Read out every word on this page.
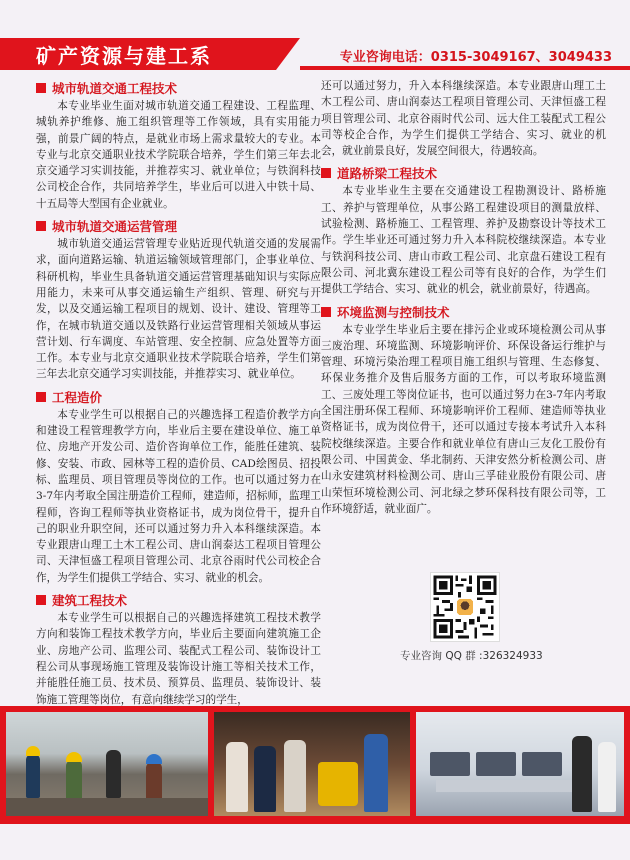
矿产资源与建工系	专业咨询电话：0315-3049167、3049433
城市轨道交通工程技术

本专业毕业生面对城市轨道交通工程建设、工程监理、城轨养护维修、施工组织管理等工作领域，具有实用能力强，前景广阔的特点，是就业市场上需求量较大的专业。本专业与北京交通职业技术学院联合培养，学生们第三年去北京交通学习实训技能，并推荐实习、就业单位；与铁润科技公司校企合作，共同培养学生，毕业后可以进入中铁十局、十五局等大型国有企业就业。

城市轨道交通运营管理

城市轨道交通运营管理专业贴近现代轨道交通的发展需求，面向道路运输、轨道运输领域管理部门，企事业单位、科研机构，毕业生具备轨道交通运营管理基础知识与实际应用能力，未来可从事交通运输生产组织、管理、研究与开发，以及交通运输工程项目的规划、设计、建设、管理等工作，在城市轨道交通以及铁路行业运营管理相关领域从事运营计划、行车调度、车站管理、安全控制、应急处置等方面工作。本专业与北京交通职业技术学院联合培养，学生们第三年去北京交通学习实训技能，并推荐实习、就业单位。

工程造价

本专业学生可以根据自己的兴趣选择工程造价教学方向和建设工程管理教学方向，毕业后主要在建设单位、施工单位、房地产开发公司、造价咨询单位工作，能胜任建筑、装修、安装、市政、园林等工程的造价员、CAD绘图员、招投标、监理员、项目管理员等岗位的工作。也可以通过努力在3-7年内考取全国注册造价工程师，建造师，招标师，监理工程师，咨询工程师等执业资格证书，成为岗位骨干，提升自己的职业升职空间，还可以通过努力升入本科继续深造。本专业跟唐山理工土木工程公司、唐山润泰达工程项目管理公司、天津恒盛工程项目管理公司、北京谷雨时代公司校企合作，为学生们提供工学结合、实习、就业的机会。

建筑工程技术

本专业学生可以根据自己的兴趣选择建筑工程技术教学方向和装饰工程技术教学方向，毕业后主要面向建筑施工企业、房地产公司、监理公司、装配式工程公司、装饰设计工程公司从事现场施工管理及装饰设计施工等相关技术工作，并能胜任施工员、技术员、预算员、监理员、装饰设计、装饰施工管理等岗位，有意向继续学习的学生，

还可以通过努力，升入本科继续深造。本专业跟唐山理工土木工程公司、唐山润泰达工程项目管理公司、天津恒盛工程项目管理公司、北京谷雨时代公司、远大住工装配式工程公司等校企合作，为学生们提供工学结合、实习、就业的机会，就业前景良好，发展空间很大，待遇较高。

道路桥梁工程技术

本专业毕业生主要在交通建设工程勘测设计、路桥施工、养护与管理单位，从事公路工程建设项目的测量放样、试验检测、路桥施工、工程管理、养护及勘察设计等技术工作。学生毕业还可通过努力升入本科院校继续深造。本专业与铁润科技公司、唐山市政工程公司、北京盘石建设工程有限公司、河北冀东建设工程公司等有良好的合作，为学生们提供工学结合、实习、就业的机会，就业前景好，待遇高。

环境监测与控制技术

本专业学生毕业后主要在排污企业或环境检测公司从事三废治理、环境监测、环境影响评价、环保设备运行维护与管理、环境污染治理工程项目施工组织与管理、生态修复、环保业务推介及售后服务方面的工作，可以考取环境监测工、三废处理工等岗位证书，也可以通过努力在3-7年内考取全国注册环保工程师、环境影响评价工程师、建造师等执业资格证书，成为岗位骨干，还可以通过专接本考试升入本科院校继续深造。主要合作和就业单位有唐山三友化工股份有限公司、中国黄金、华北制药、天津安然分析检测公司、唐山永安建筑材料检测公司、唐山三孚硅业股份有限公司、唐山荣恒环境检测公司、河北绿之梦环保科技有限公司等，工作环境舒适，就业面广。

专业咨询 QQ 群 :326324933
